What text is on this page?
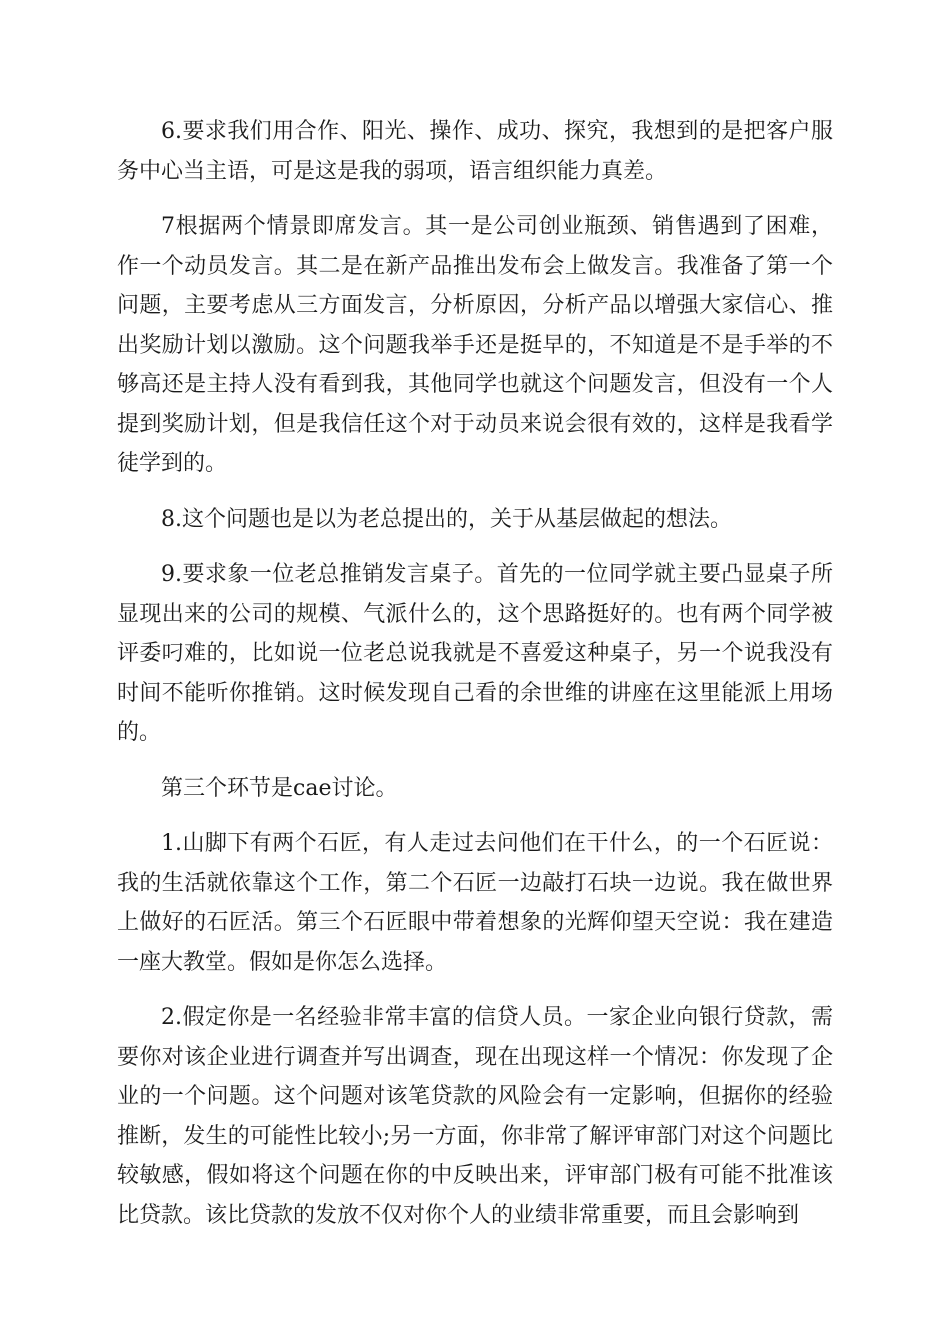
6.要求我们用合作、阳光、操作、成功、探究，我想到的是把客户服务中心当主语，可是这是我的弱项，语言组织能力真差。

7根据两个情景即席发言。其一是公司创业瓶颈、销售遇到了困难，作一个动员发言。其二是在新产品推出发布会上做发言。我准备了第一个问题，主要考虑从三方面发言，分析原因，分析产品以增强大家信心、推出奖励计划以激励。这个问题我举手还是挺早的，不知道是不是手举的不够高还是主持人没有看到我，其他同学也就这个问题发言，但没有一个人提到奖励计划，但是我信任这个对于动员来说会很有效的，这样是我看学徒学到的。

8.这个问题也是以为老总提出的，关于从基层做起的想法。

9.要求象一位老总推销发言桌子。首先的一位同学就主要凸显桌子所显现出来的公司的规模、气派什么的，这个思路挺好的。也有两个同学被评委叼难的，比如说一位老总说我就是不喜爱这种桌子，另一个说我没有时间不能听你推销。这时候发现自己看的余世维的讲座在这里能派上用场的。

第三个环节是cae讨论。

1.山脚下有两个石匠，有人走过去问他们在干什么，的一个石匠说：我的生活就依靠这个工作，第二个石匠一边敲打石块一边说。我在做世界上做好的石匠活。第三个石匠眼中带着想象的光辉仰望天空说：我在建造一座大教堂。假如是你怎么选择。

2.假定你是一名经验非常丰富的信贷人员。一家企业向银行贷款，需要你对该企业进行调查并写出调查，现在出现这样一个情况：你发现了企业的一个问题。这个问题对该笔贷款的风险会有一定影响，但据你的经验推断，发生的可能性比较小;另一方面，你非常了解评审部门对这个问题比较敏感，假如将这个问题在你的中反映出来，评审部门极有可能不批准该比贷款。该比贷款的发放不仅对你个人的业绩非常重要，而且会影响到
